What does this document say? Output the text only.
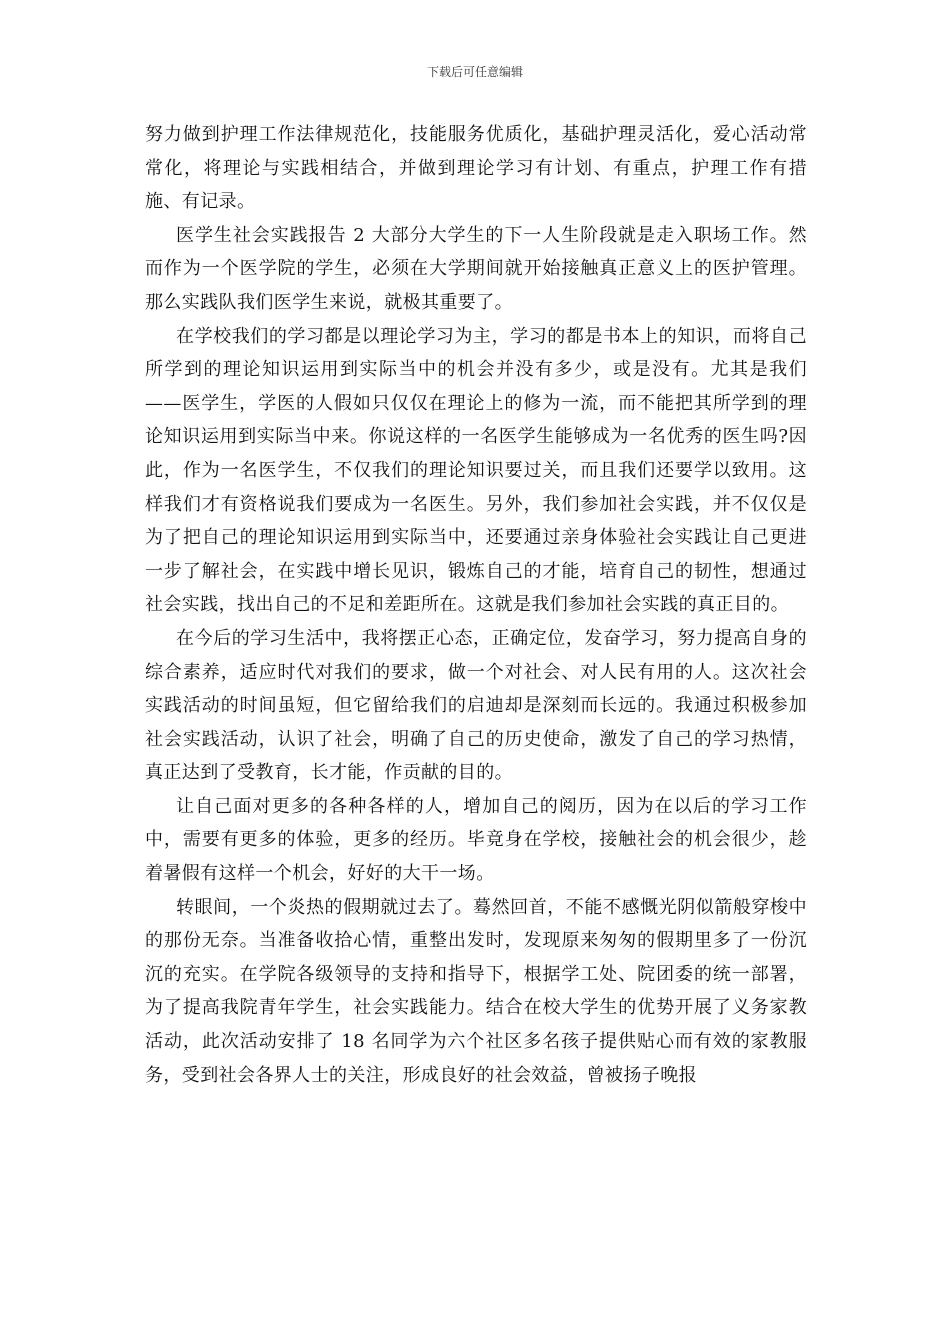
下载后可任意编辑

努力做到护理工作法律规范化，技能服务优质化，基础护理灵活化，爱心活动常常化，将理论与实践相结合，并做到理论学习有计划、有重点，护理工作有措施、有记录。

医学生社会实践报告 2 大部分大学生的下一人生阶段就是走入职场工作。然而作为一个医学院的学生，必须在大学期间就开始接触真正意义上的医护管理。那么实践队我们医学生来说，就极其重要了。

在学校我们的学习都是以理论学习为主，学习的都是书本上的知识，而将自己所学到的理论知识运用到实际当中的机会并没有多少，或是没有。尤其是我们——医学生，学医的人假如只仅仅在理论上的修为一流，而不能把其所学到的理论知识运用到实际当中来。你说这样的一名医学生能够成为一名优秀的医生吗?因此，作为一名医学生，不仅我们的理论知识要过关，而且我们还要学以致用。这样我们才有资格说我们要成为一名医生。另外，我们参加社会实践，并不仅仅是为了把自己的理论知识运用到实际当中，还要通过亲身体验社会实践让自己更进一步了解社会，在实践中增长见识，锻炼自己的才能，培育自己的韧性，想通过社会实践，找出自己的不足和差距所在。这就是我们参加社会实践的真正目的。

在今后的学习生活中，我将摆正心态，正确定位，发奋学习，努力提高自身的综合素养，适应时代对我们的要求，做一个对社会、对人民有用的人。这次社会实践活动的时间虽短，但它留给我们的启迪却是深刻而长远的。我通过积极参加社会实践活动，认识了社会，明确了自己的历史使命，激发了自己的学习热情，真正达到了受教育，长才能，作贡献的目的。

让自己面对更多的各种各样的人，增加自己的阅历，因为在以后的学习工作中，需要有更多的体验，更多的经历。毕竟身在学校，接触社会的机会很少，趁着暑假有这样一个机会，好好的大干一场。

转眼间，一个炎热的假期就过去了。蓦然回首，不能不感慨光阴似箭般穿梭中的那份无奈。当准备收拾心情，重整出发时，发现原来匆匆的假期里多了一份沉沉的充实。在学院各级领导的支持和指导下，根据学工处、院团委的统一部署，为了提高我院青年学生，社会实践能力。结合在校大学生的优势开展了义务家教活动，此次活动安排了 18 名同学为六个社区多名孩子提供贴心而有效的家教服务，受到社会各界人士的关注，形成良好的社会效益，曾被扬子晚报
